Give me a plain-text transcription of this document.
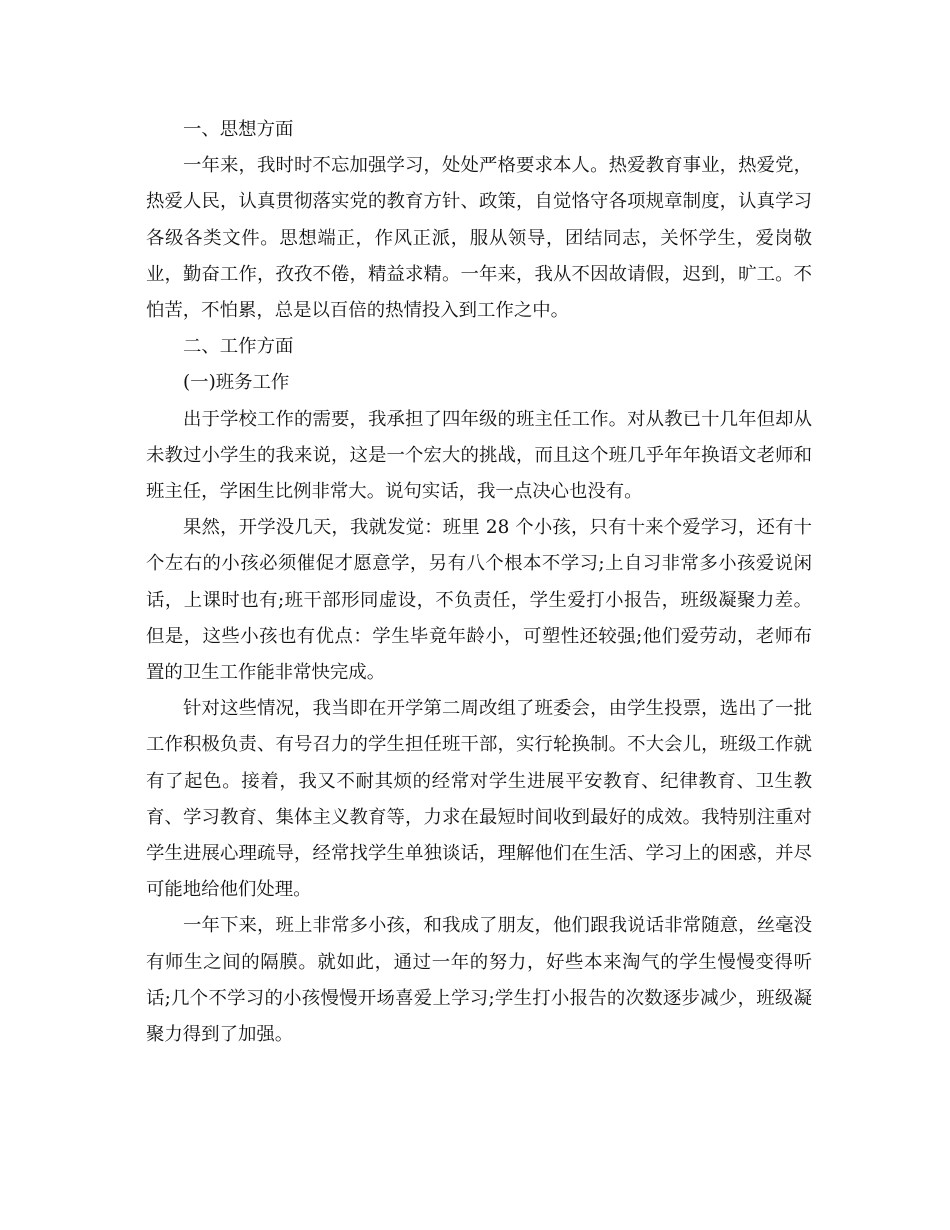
一、思想方面

一年来，我时时不忘加强学习，处处严格要求本人。热爱教育事业，热爱党，热爱人民，认真贯彻落实党的教育方针、政策，自觉恪守各项规章制度，认真学习各级各类文件。思想端正，作风正派，服从领导，团结同志，关怀学生，爱岗敬业，勤奋工作，孜孜不倦，精益求精。一年来，我从不因故请假，迟到，旷工。不怕苦，不怕累，总是以百倍的热情投入到工作之中。

二、工作方面

(一)班务工作

出于学校工作的需要，我承担了四年级的班主任工作。对从教已十几年但却从未教过小学生的我来说，这是一个宏大的挑战，而且这个班几乎年年换语文老师和班主任，学困生比例非常大。说句实话，我一点决心也没有。

果然，开学没几天，我就发觉：班里 28 个小孩，只有十来个爱学习，还有十个左右的小孩必须催促才愿意学，另有八个根本不学习;上自习非常多小孩爱说闲话，上课时也有;班干部形同虚设，不负责任，学生爱打小报告，班级凝聚力差。但是，这些小孩也有优点：学生毕竟年龄小，可塑性还较强;他们爱劳动，老师布置的卫生工作能非常快完成。

针对这些情况，我当即在开学第二周改组了班委会，由学生投票，选出了一批工作积极负责、有号召力的学生担任班干部，实行轮换制。不大会儿，班级工作就有了起色。接着，我又不耐其烦的经常对学生进展平安教育、纪律教育、卫生教育、学习教育、集体主义教育等，力求在最短时间收到最好的成效。我特别注重对学生进展心理疏导，经常找学生单独谈话，理解他们在生活、学习上的困惑，并尽可能地给他们处理。

一年下来，班上非常多小孩，和我成了朋友，他们跟我说话非常随意，丝毫没有师生之间的隔膜。就如此，通过一年的努力，好些本来淘气的学生慢慢变得听话;几个不学习的小孩慢慢开场喜爱上学习;学生打小报告的次数逐步减少，班级凝聚力得到了加强。
